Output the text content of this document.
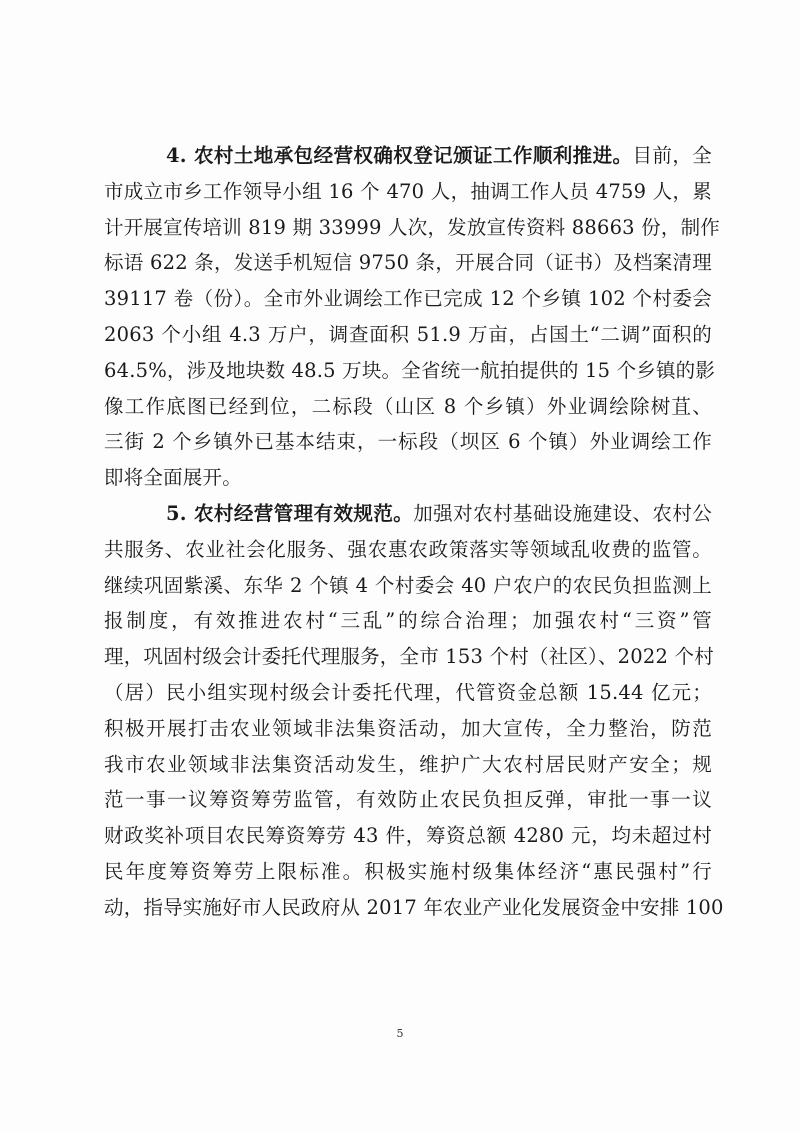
4. 农村土地承包经营权确权登记颁证工作顺利推进。目前，全
市成立市乡工作领导小组 16 个 470 人，抽调工作人员 4759 人，累
计开展宣传培训 819 期 33999 人次，发放宣传资料 88663 份，制作
标语 622 条，发送手机短信 9750 条，开展合同（证书）及档案清理
39117 卷（份）。全市外业调绘工作已完成 12 个乡镇 102 个村委会
2063 个小组 4.3 万户，调查面积 51.9 万亩，占国土“二调”面积的
64.5%，涉及地块数 48.5 万块。全省统一航拍提供的 15 个乡镇的影
像工作底图已经到位，二标段（山区 8 个乡镇）外业调绘除树苴、
三街 2 个乡镇外已基本结束，一标段（坝区 6 个镇）外业调绘工作
即将全面展开。
5. 农村经营管理有效规范。加强对农村基础设施建设、农村公
共服务、农业社会化服务、强农惠农政策落实等领域乱收费的监管。
继续巩固紫溪、东华 2 个镇 4 个村委会 40 户农户的农民负担监测上
报制度，有效推进农村“三乱”的综合治理；加强农村“三资”管
理，巩固村级会计委托代理服务，全市 153 个村（社区）、2022 个村
（居）民小组实现村级会计委托代理，代管资金总额 15.44 亿元；
积极开展打击农业领域非法集资活动，加大宣传，全力整治，防范
我市农业领域非法集资活动发生，维护广大农村居民财产安全；规
范一事一议筹资筹劳监管，有效防止农民负担反弹，审批一事一议
财政奖补项目农民筹资筹劳 43 件，筹资总额 4280 元，均未超过村
民年度筹资筹劳上限标准。积极实施村级集体经济“惠民强村”行
动，指导实施好市人民政府从 2017 年农业产业化发展资金中安排 100
5
